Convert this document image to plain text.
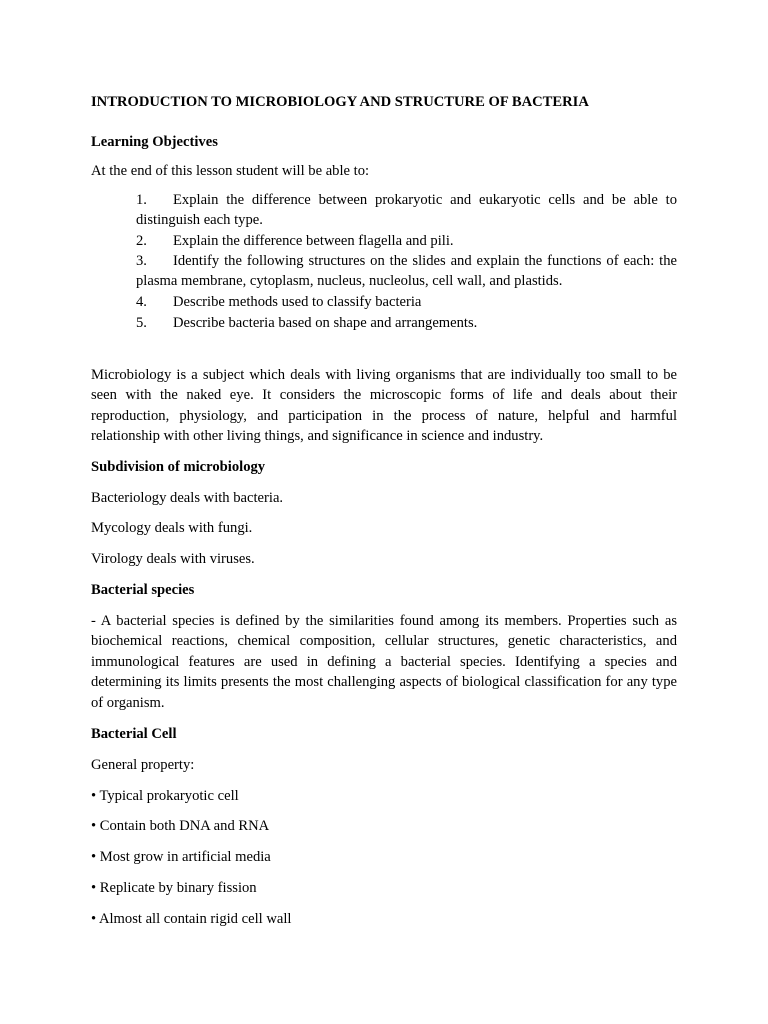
INTRODUCTION TO MICROBIOLOGY AND STRUCTURE OF BACTERIA

Learning Objectives

At the end of this lesson student will be able to:

1. Explain the difference between prokaryotic and eukaryotic cells and be able to distinguish each type.

2. Explain the difference between flagella and pili.

3. Identify the following structures on the slides and explain the functions of each: the plasma membrane, cytoplasm, nucleus, nucleolus, cell wall, and plastids.

4. Describe methods used to classify bacteria

5. Describe bacteria based on shape and arrangements.

Microbiology is a subject which deals with living organisms that are individually too small to be seen with the naked eye. It considers the microscopic forms of life and deals about their reproduction, physiology, and participation in the process of nature, helpful and harmful relationship with other living things, and significance in science and industry.

Subdivision of microbiology

Bacteriology deals with bacteria.

Mycology deals with fungi.

Virology deals with viruses.

Bacterial species

- A bacterial species is defined by the similarities found among its members. Properties such as biochemical reactions, chemical composition, cellular structures, genetic characteristics, and immunological features are used in defining a bacterial species. Identifying a species and determining its limits presents the most challenging aspects of biological classification for any type of organism.

Bacterial Cell

General property:

• Typical prokaryotic cell

• Contain both DNA and RNA

• Most grow in artificial media

• Replicate by binary fission

• Almost all contain rigid cell wall
